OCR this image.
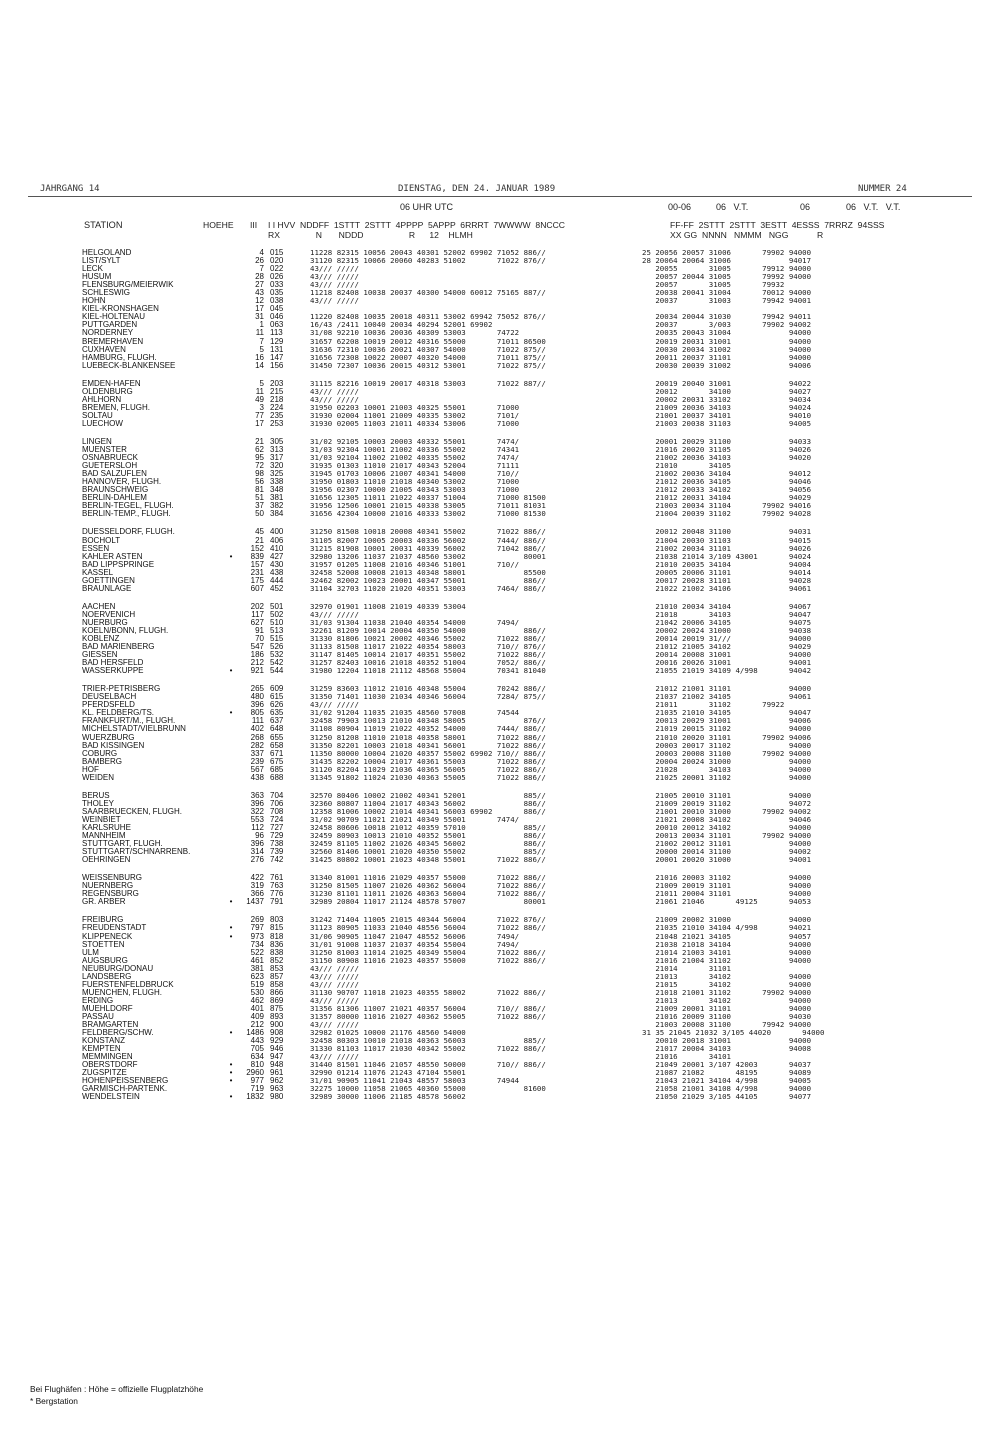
JAHRGANG 14	DIENSTAG, DEN 24. JANUAR 1989	NUMMER 24
06 UHR UTC	00-06	06   V.T.	06	06   V.T.   V.T.
STATION	HOEHE III I I HVV  NDDFF  1STTT  2STTT  4PPPP  5APPP  6RRRT  7WWWW  8NCCC
RX               N       NDDD                   R      12    HLMH
FF-FF  2STTT  2STTT  3ESTT  4ESSS  7RRRZ  94SSS
XX GG  NNNN   NMMM   NGG            R
HELGOLAND		4	015	11228 82315 10056 20043 40301 52002 69902 71052 886//	25 20056 20057 31006       79902 94000
LIST/SYLT		26	020	31120 82315 10066 20060 40283 51002       71022 876//	28 20064 20064 31006             94017
LECK		7	022	43/// /////	20055       31005       79912 94000
HUSUM		28	026	43/// /////	20057 20044 31005       79992 94000
FLENSBURG/MEIERWIK		27	033	43/// /////	20057       31005       79932
SCHLESWIG		43	035	11218 82408 10038 20037 40300 54000 60012 75165 887//	20038 20041 31004       70012 94000
HOHN		12	038	43/// /////	20037       31003       79942 94001
KIEL-KRONSHAGEN		17	045		
KIEL-HOLTENAU		31	046	11220 82408 10035 20018 40311 53002 69942 75052 876//	20034 20044 31030       79942 94011
PUTTGARDEN		1	063	16/43 /2411 10040 20034 40294 52001 69902	20037       3/003       79902 94002
NORDERNEY		11	113	31/08 92210 10036 20036 40309 53003       74722	20035 20043 31004             94000
BREMERHAVEN		7	129	31657 62208 10019 20012 40316 55000       71011 86500	20019 20031 31001             94000
CUXHAVEN		5	131	31636 72310 10036 20021 40307 54000       71022 875//	20030 20034 31002             94000
HAMBURG, FLUGH.		16	147	31656 72308 10022 20007 40320 54000       71011 875//	20011 20037 31101             94000
LUEBECK-BLANKENSEE		14	156	31450 72307 10036 20015 40312 53001       71022 875//	20030 20039 31002             94006

EMDEN-HAFEN		5	203	31115 82216 10019 20017 40318 53003       71022 887//	20019 20040 31001             94022
OLDENBURG		11	215	43/// /////	20012       34100             94027
AHLHORN		49	218	43/// /////	20002 20031 33102             94034
BREMEN, FLUGH.		3	224	31950 02203 10001 21003 40325 55001       71000	21009 20036 34103             94024
SOLTAU		77	235	31930 02004 11001 21009 40335 53002       7101/	21001 20037 34101             94010
LUECHOW		17	253	31930 02005 11003 21011 40334 53006       71000	21003 20038 31103             94005

LINGEN		21	305	31/02 92105 10003 20003 40332 55001       7474/	20001 20029 31100             94033
MUENSTER		62	313	31/03 92304 10001 21002 40336 55002       74341	21016 20020 31105             94026
OSNABRUECK		95	317	31/03 92104 11002 21002 40335 55002       7474/	21002 20036 34103             94020
GUETERSLOH		72	320	31935 01303 11010 21017 40343 52004       71111	21010       34105
BAD SALZUFLEN		98	325	31945 01703 10006 21007 40341 54000       710//	21002 20036 34104             94012
HANNOVER, FLUGH.		56	338	31950 01803 11010 21018 40340 53002       71000	21012 20036 34105             94046
BRAUNSCHWEIG		81	348	31956 02307 10000 21005 40343 53003       71000	21012 20033 34102             94056
BERLIN-DAHLEM		51	381	31656 12305 11011 21022 40337 51004       71000 81500	21012 20031 34104             94029
BERLIN-TEGEL, FLUGH.		37	382	31956 12506 10001 21015 40338 53005       71011 81031	21003 20034 31104       79902 94016
BERLIN-TEMP., FLUGH.		50	384	31656 42304 10000 21016 40333 53002       71000 81530	21004 20039 31102       79902 94028

DUESSELDORF, FLUGH.		45	400	31250 81508 10018 20008 40341 55002       71022 886//	20012 20048 31100             94031
BOCHOLT		21	406	31105 82007 10005 20003 40336 56002       7444/ 886//	21004 20030 31103             94015
ESSEN		152	410	31215 81908 10001 20031 40339 56002       71042 886//	21002 20034 31101             94026
KAHLER ASTEN	•	839	427	32980 13206 11037 21037 48560 53002             80001	21038 21014 3/109 43001       94024
BAD LIPPSPRINGE		157	430	31957 01205 11008 21016 40346 51001       710//	21010 20035 34104             94004
KASSEL		231	438	32458 52008 10008 21013 40348 58001             85500	20005 20006 31101             94014
GOETTINGEN		175	444	32462 82002 10023 20001 40347 55001             886//	20017 20028 31101             94028
BRAUNLAGE		607	452	31104 32703 11020 21020 40351 53003       7464/ 886//	21022 21002 34106             94061

AACHEN		202	501	32970 01901 11008 21019 40339 53004	21010 20034 34104             94067
NOERVENICH		117	502	43/// /////	21018       34103             94047
NUERBURG		627	510	31/03 91304 11038 21040 40354 54000       7494/	21042 20006 34105             94075
KOELN/BONN, FLUGH.		91	513	32261 81209 10014 20004 40350 54000             886//	20002 20024 31000             94038
KOBLENZ		70	515	31330 81806 10021 20002 40346 55002       71022 886//	20014 20019 31///             94000
BAD MARIENBERG		547	526	31133 81508 11017 21022 40354 58003       710// 876//	21012 21005 34102             94029
GIESSEN		186	532	31147 81405 10014 21017 40351 55002       71022 886//	20014 20008 31001             94000
BAD HERSFELD		212	542	31257 82403 10016 21018 40352 51004       7052/ 886//	20016 20026 31001             94001
WASSERKUPPE	•	921	544	31980 12204 11018 21112 48568 55004       70341 81040	21055 21019 34109 4/998       94042

TRIER-PETRISBERG		265	609	31259 83603 11012 21016 40348 55004       70242 886//	21012 21001 31101             94000
DEUSELBACH		480	615	31350 71401 11030 21034 40346 56004       7284/ 875//	21037 21002 34105             94061
PFERDSFELD		396	626	43/// /////	21011       31102       79922
KL. FELDBERG/TS.	•	805	635	31/02 91204 11035 21035 48560 57008       74544	21035 21010 34105             94047
FRANKFURT/M., FLUGH.		111	637	32458 79903 10013 21010 40348 58005             876//	20013 20029 31001             94006
MICHELSTADT/VIELBRUNN		402	648	31108 80904 11019 21022 40352 54000       7444/ 886//	21019 20015 31102             94000
WUERZBURG		268	655	31250 81208 11010 21018 40358 58001       71022 886//	21010 20020 31101       79902 94006
BAD KISSINGEN		282	658	31350 82201 10003 21018 40341 56001       71022 886//	20003 20017 31102             94000
COBURG		337	671	11350 80000 10004 21020 40357 55002 69902 710// 886//	20003 20008 31100       79902 94000
BAMBERG		239	675	31435 82202 10004 21017 40361 55003       71022 886//	20004 20024 31000             94000
HOF		567	685	31120 82204 11029 21036 40365 56005       71022 886//	21028       34103             94000
WEIDEN		438	688	31345 91802 11024 21030 40363 55005       71022 886//	21025 20001 31102             94000

BERUS		363	704	32570 80406 10002 21002 40341 52001             885//	21005 20010 31101             94000
THOLEY		396	706	32360 80807 11004 21017 40343 56002             886//	21009 20019 31102             94072
SAARBRUECKEN, FLUGH.		322	708	12358 81006 10002 21014 40341 56003 69902       886//	21001 20010 31000       79902 94002
WEINBIET		553	724	31/02 90709 11021 21021 40349 55001       7474/	21021 20008 34102             94046
KARLSRUHE		112	727	32458 80606 10018 21012 40359 57010             885//	20010 20012 34102             94000
MANNHEIM		96	729	32459 80903 10013 21010 40352 55001             886//	20013 20034 31101       79902 94000
STUTTGART, FLUGH.		396	738	32459 81105 11002 21026 40345 56002             886//	21002 20012 31101             94000
STUTTGART/SCHNARRENB.		314	739	32560 81406 10001 21020 40350 55002             885//	20000 20014 31100             94002
OEHRINGEN		276	742	31425 80802 10001 21023 40348 55001       71022 886//	20001 20020 31000             94001

WEISSENBURG		422	761	31340 81001 11016 21029 40357 55000       71022 886//	21016 20003 31102             94000
NUERNBERG		319	763	31250 81505 11007 21026 40362 56004       71022 886//	21009 20019 31101             94000
REGENSBURG		366	776	31230 81101 11011 21026 40363 56004       71022 886//	21011 20004 31101             94000
GR. ARBER	•	1437	791	32989 20804 11017 21124 48578 57007             80001	21061 21046       49125       94053

FREIBURG		269	803	31242 71404 11005 21015 40344 56004       71022 876//	21009 20002 31000             94000
FREUDENSTADT	•	797	815	31123 80905 11033 21040 48556 56004       71022 886//	21035 21010 34104 4/998       94021
KLIPPENECK	•	973	818	31/06 90905 11047 21047 48552 56006       7494/	21048 21021 34105             94057
STOETTEN		734	836	31/01 91008 11037 21037 40354 55004       7494/	21038 21018 34104             94000
ULM		522	838	31250 81003 11014 21025 40349 55004       71022 886//	21014 21003 34101             94000
AUGSBURG		461	852	31150 80908 11016 21023 40357 55000       71022 886//	21016 21004 31102             94000
NEUBURG/DONAU		381	853	43/// /////	21014       31101
LANDSBERG		623	857	43/// /////	21013       34102             94000
FUERSTENFELDBRUCK		519	858	43/// /////	21015       34102             94000
MUENCHEN, FLUGH.		530	866	31130 90707 11018 21023 40355 58002       71022 886//	21018 21001 31102       79902 94000
ERDING		462	869	43/// /////	21013       34102             94000
MUEHLDORF		401	875	31356 81306 11007 21021 40357 56004       710// 886//	21009 20001 31101             94000
PASSAU		409	893	31357 80000 11016 21027 40362 55005       71022 886//	21016 20009 31100             94030
BRAMGARTEN		212	900	43/// /////	21003 20008 31100       79942 94000
FELDBERG/SCHW.	•	1486	908	32982 01025 10000 21176 48560 54000	31 35 21045 21032 3/105 44020       94000
KONSTANZ		443	929	32458 80303 10010 21018 40363 56003             885//	20010 20018 31001             94000
KEMPTEN		705	946	31330 81103 11017 21030 40342 55002       71022 886//	21017 20004 34103             94008
MEMMINGEN		634	947	43/// /////	21016       34101
OBERSTDORF	•	810	948	31440 81501 11046 21057 48550 50000       710// 886//	21049 20001 3/107 42003       94037
ZUGSPITZE	•	2960	961	32990 01214 11076 21243 47104 55001	21087 21082       48195       94089
HOHENPEISSENBERG	•	977	962	31/01 90905 11041 21043 48557 58003       74944	21043 21021 34104 4/998       94005
GARMISCH-PARTENK.		719	963	32275 10000 11058 21065 40360 55000             81600	21058 21001 34108 4/998       94000
WENDELSTEIN	•	1832	980	32989 30000 11006 21185 48578 56002	21050 21029 3/105 44105       94077
Bei Flughäfen : Höhe = offizielle Flugplatzhöhe
* Bergstation
